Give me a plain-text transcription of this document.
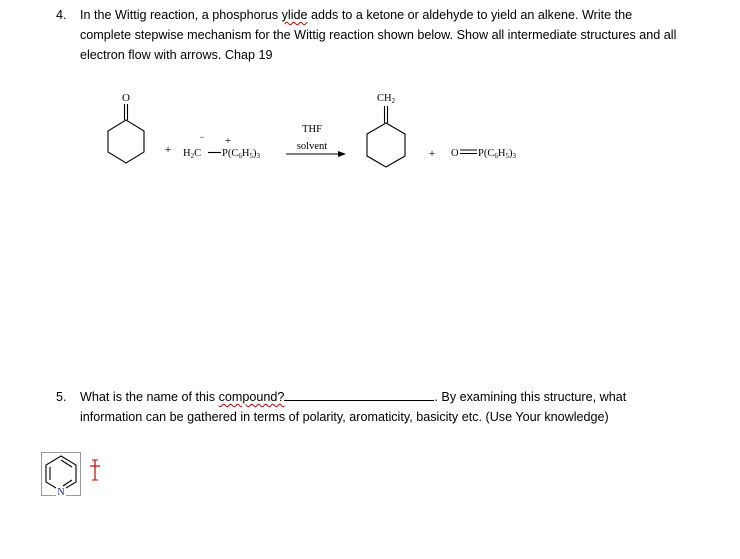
4. In the Wittig reaction, a phosphorus ylide adds to a ketone or aldehyde to yield an alkene. Write the
complete stepwise mechanism for the Wittig reaction shown below. Show all intermediate structures and all
electron flow with arrows. Chap 19
O
+
− +
H2C P(C6H5)3
THF
solvent
CH2
+ O P(C6H5)3
5. What is the name of this compound?	. By examining this structure, what
information can be gathered in terms of polarity, aromaticity, basicity etc. (Use Your knowledge)
N
